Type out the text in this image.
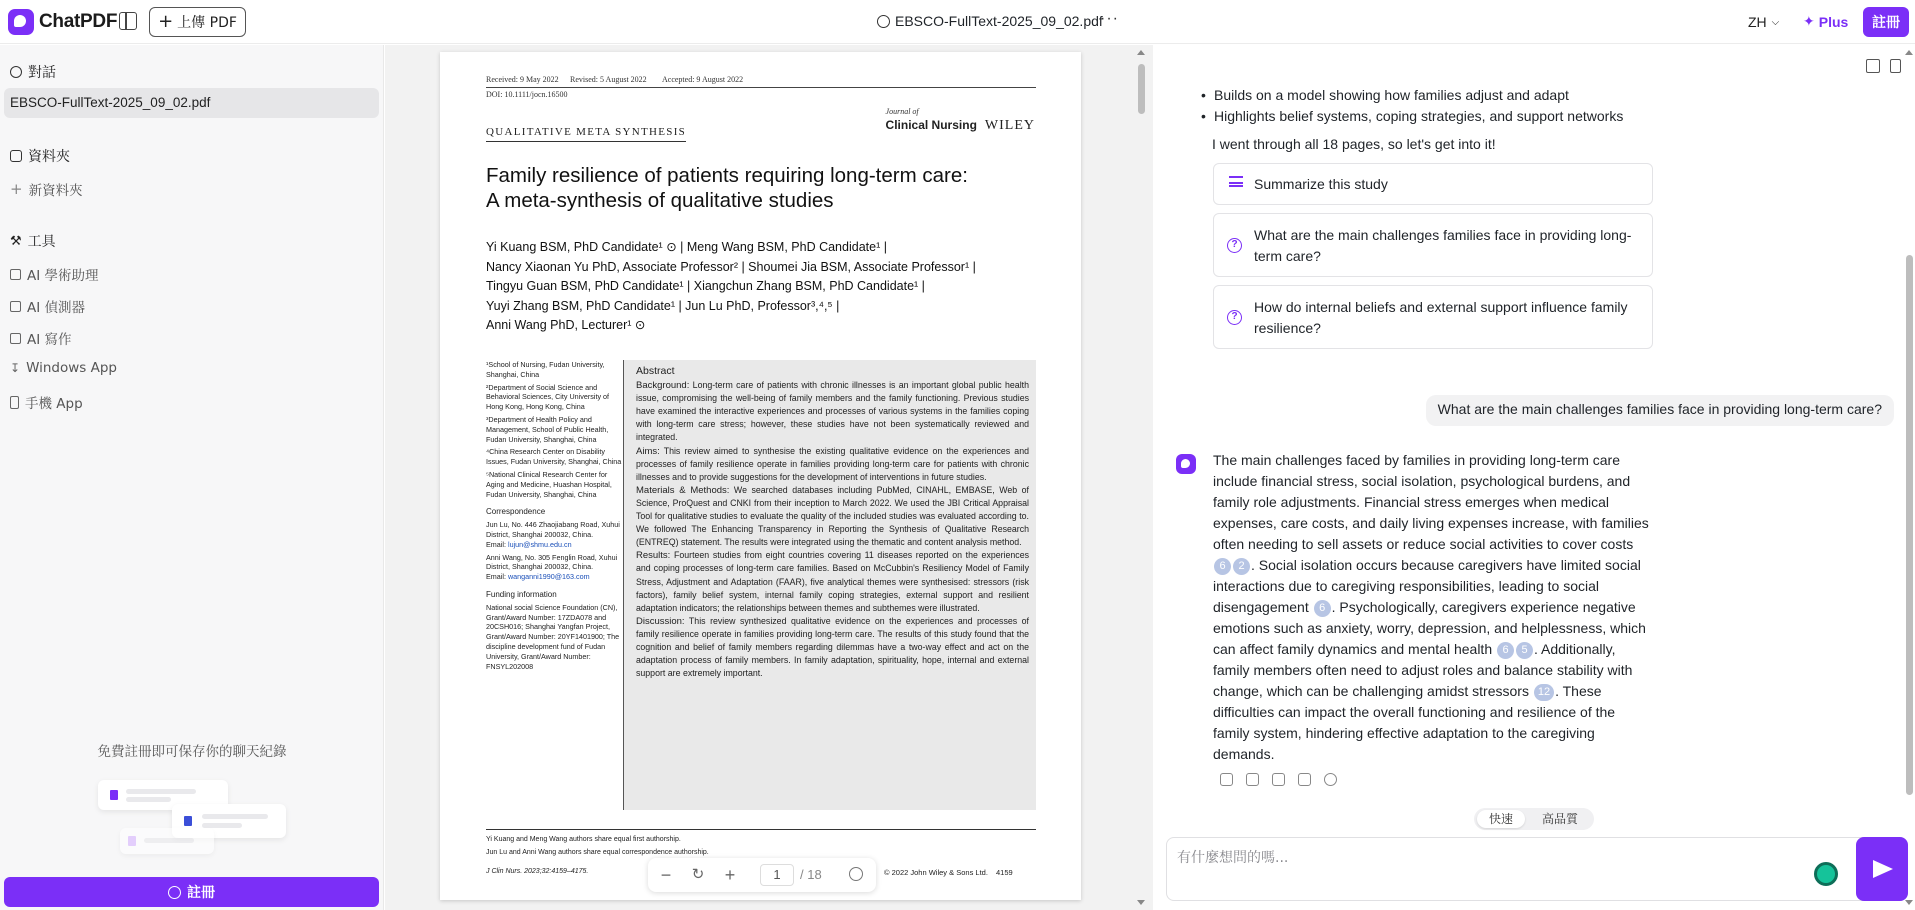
ChatPDF + 上傳 PDF	EBSCO-FullText-2025_09_02.pdf
···	ZH ⌵ ✦ Plus	註冊
對話
EBSCO-FullText-2025_09_02.pdf
資料夾
+ 新資料夾
⚒ 工具
AI 學術助理
AI 偵測器
AI 寫作
↧ Windows App
手機 App
免費註冊即可保存你的聊天紀錄
註冊
Received: 9 May 2022 Revised: 5 August 2022 Accepted: 9 August 2022
DOI: 10.1111/jocn.16500
Journal of
Clinical Nursing WILEY
QUALITATIVE META SYNTHESIS
Family resilience of patients requiring long-term care:
A meta-synthesis of qualitative studies
Yi Kuang BSM, PhD Candidate¹ ⊙ | Meng Wang BSM, PhD Candidate¹ |
Nancy Xiaonan Yu PhD, Associate Professor² | Shoumei Jia BSM, Associate Professor¹ |
Tingyu Guan BSM, PhD Candidate¹ | Xiangchun Zhang BSM, PhD Candidate¹ |
Yuyi Zhang BSM, PhD Candidate¹ | Jun Lu PhD, Professor³,⁴,⁵ |
Anni Wang PhD, Lecturer¹ ⊙

¹School of Nursing, Fudan University, Shanghai, China

²Department of Social Science and Behavioral Sciences, City University of Hong Kong, Hong Kong, China

³Department of Health Policy and Management, School of Public Health, Fudan University, Shanghai, China

⁴China Research Center on Disability Issues, Fudan University, Shanghai, China

⁵National Clinical Research Center for Aging and Medicine, Huashan Hospital, Fudan University, Shanghai, China

Correspondence

Jun Lu, No. 446 Zhaojiabang Road, Xuhui District, Shanghai 200032, China.
Email: lujun@shmu.edu.cn

Anni Wang, No. 305 Fenglin Road, Xuhui District, Shanghai 200032, China.
Email: wanganni1990@163.com

Funding information

National social Science Foundation (CN), Grant/Award Number: 17ZDA078 and 20CSH016; Shanghai Yangfan Project, Grant/Award Number: 20YF1401900; The discipline development fund of Fudan University, Grant/Award Number: FNSYL202008

Abstract

Background: Long-term care of patients with chronic illnesses is an important global public health issue, compromising the well-being of family members and the family functioning. Previous studies have examined the interactive experiences and processes of various systems in the families coping with long-term care stress; however, these studies have not been systematically reviewed and integrated.

Aims: This review aimed to synthesise the existing qualitative evidence on the experiences and processes of family resilience operate in families providing long-term care for patients with chronic illnesses and to provide suggestions for the development of interventions in future studies.

Materials & Methods: We searched databases including PubMed, CINAHL, EMBASE, Web of Science, ProQuest and CNKI from their inception to March 2022. We used the JBI Critical Appraisal Tool for qualitative studies to evaluate the quality of the included studies was evaluated according to. We followed The Enhancing Transparency in Reporting the Synthesis of Qualitative Research (ENTREQ) statement. The results were integrated using the thematic and content analysis method.

Results: Fourteen studies from eight countries covering 11 diseases reported on the experiences and coping processes of long-term care families. Based on McCubbin's Resiliency Model of Family Stress, Adjustment and Adaptation (FAAR), five analytical themes were synthesised: stressors (risk factors), family belief system, internal family coping strategies, external support and resilient adaptation indicators; the relationships between themes and subthemes were illustrated.

Discussion: This review synthesized qualitative evidence on the experiences and processes of family resilience operate in families providing long-term care. The results of this study found that the cognition and belief of family members regarding dilemmas have a two-way effect and act on the adaptation process of family members. In family adaptation, spirituality, hope, internal and external support are extremely important.

Yi Kuang and Meng Wang authors share equal first authorship.
Jun Lu and Anni Wang authors share equal correspondence authorship.
J Clin Nurs. 2023;32:4159–4175.	© 2022 John Wiley & Sons Ltd. 4159
−	↻ +	1	/ 18
• Builds on a model showing how families adjust and adapt
• Highlights belief systems, coping strategies, and support networks
I went through all 18 pages, so let's get into it!
Summarize this study
?
What are the main challenges families face in providing long-term care?
?
How do internal beliefs and external support influence family resilience?
What are the main challenges families face in providing long-term care?
The main challenges faced by families in providing long-term care include financial stress, social isolation, psychological burdens, and family role adjustments. Financial stress emerges when medical expenses, care costs, and daily living expenses increase, with families often needing to sell assets or reduce social activities to cover costs 6 2 . Social isolation occurs because caregivers have limited social interactions due to caregiving responsibilities, leading to social disengagement 6 . Psychologically, caregivers experience negative emotions such as anxiety, worry, depression, and helplessness, which can affect family dynamics and mental health 6 5 . Additionally, family members often need to adjust roles and balance stability with change, which can be challenging amidst stressors 12 . These difficulties can impact the overall functioning and resilience of the family system, hindering effective adaptation to the caregiving demands.
快速	高品質
有什麼想問的嗎...
